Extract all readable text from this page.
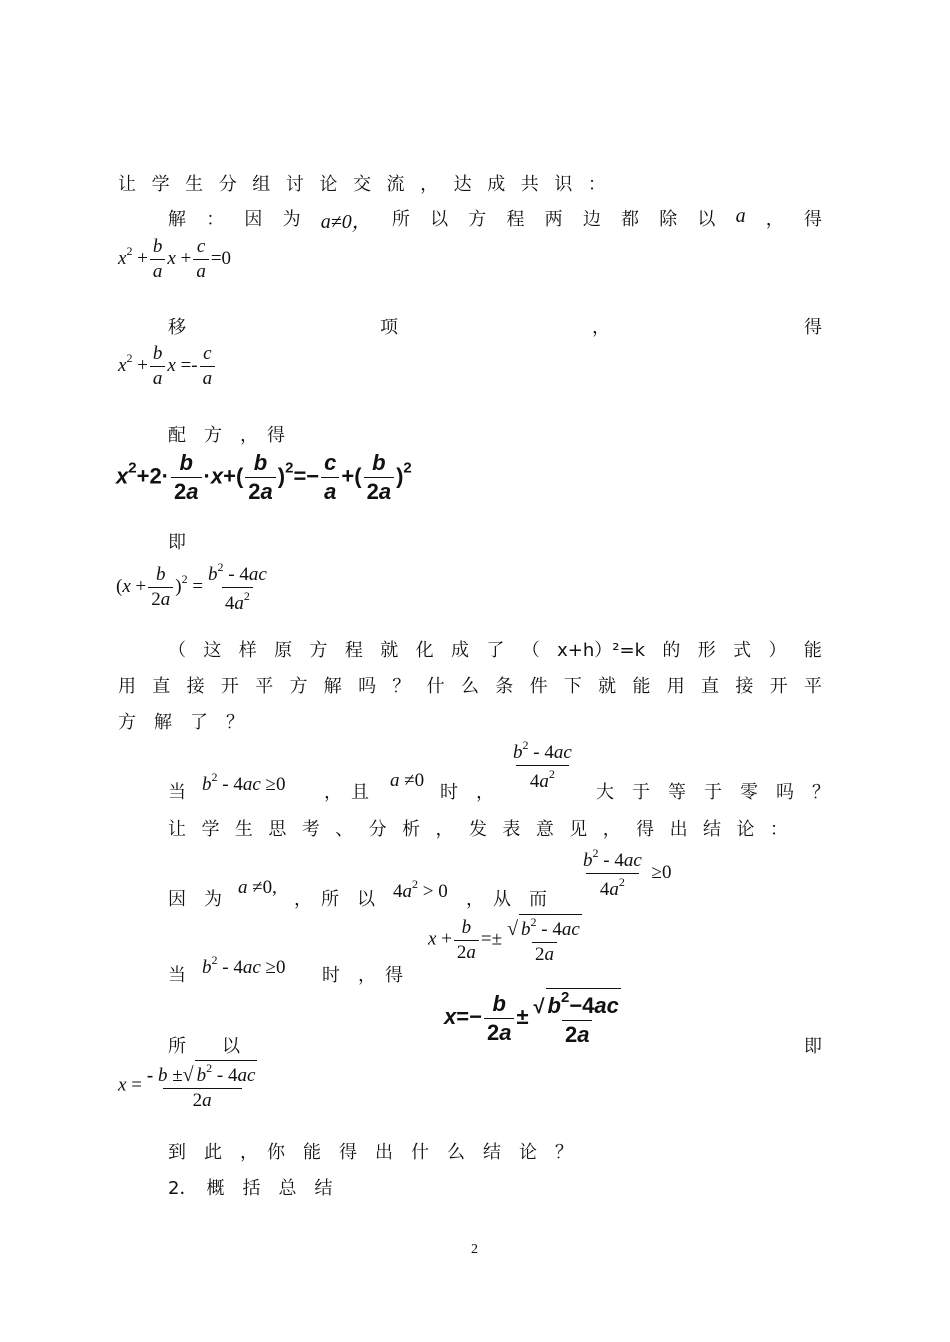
让 学 生 分 组 讨 论 交 流 ， 达 成 共 识 ：
解 ： 因 为 a≠0， 所 以 方 程 两 边 都 除 以 a ， 得
$x^2 + \frac{b}{a}$ $x + \frac{c}{a} =0$
移	项	，	得
$x^2 + \frac{b}{a}$ $x =- \frac{c}{a}$
配　方　，　得
$x^2+2\cdot \frac{b}{2a} \cdot x+( \frac{b}{2a} )^2=- \frac{c}{a}$ +( $\frac{b}{2a} )^2$
即
$(x + \frac{b}{2a} )^2 = \frac{b^2 - 4ac}{4a^2}$
（ 这 样 原 方 程 就 化 成 了 （ x+h）²=k 的 形 式 ） 能
用 直 接 开 平 方 解 吗 ？ 什 么 条 件 下 就 能 用 直 接 开 平
方　解　了　？
当 $b^2 - 4ac \ge 0$ ，　且
a ≠0
时　， $\frac{b^2 - 4ac}{4a^2}$ 大　于　等　于　零　吗　？
让 学 生 思 考 、 分 析 ， 发 表 意 见 ， 得 出 结 论 ：
因　为
a ≠0,
，　所　以 $4a^2 > 0$ ，　从　而 $\frac{b^2 - 4ac}{4a^2} \ge 0$
当 $b^2 - 4ac \ge 0$ 时　，　得
$x + \frac{b}{2a} =\pm \frac{√ b^2 - 4ac}{2a}$
$x=- \frac{b}{2a} \pm \frac{√ b^2-4ac}{2a}$
所　　以	即
$x = \frac{- b \pm√ b^2 - 4ac}{2a}$
到　此　，　你　能　得　出　什　么　结　论　？
2．　概　括　总　结
2
